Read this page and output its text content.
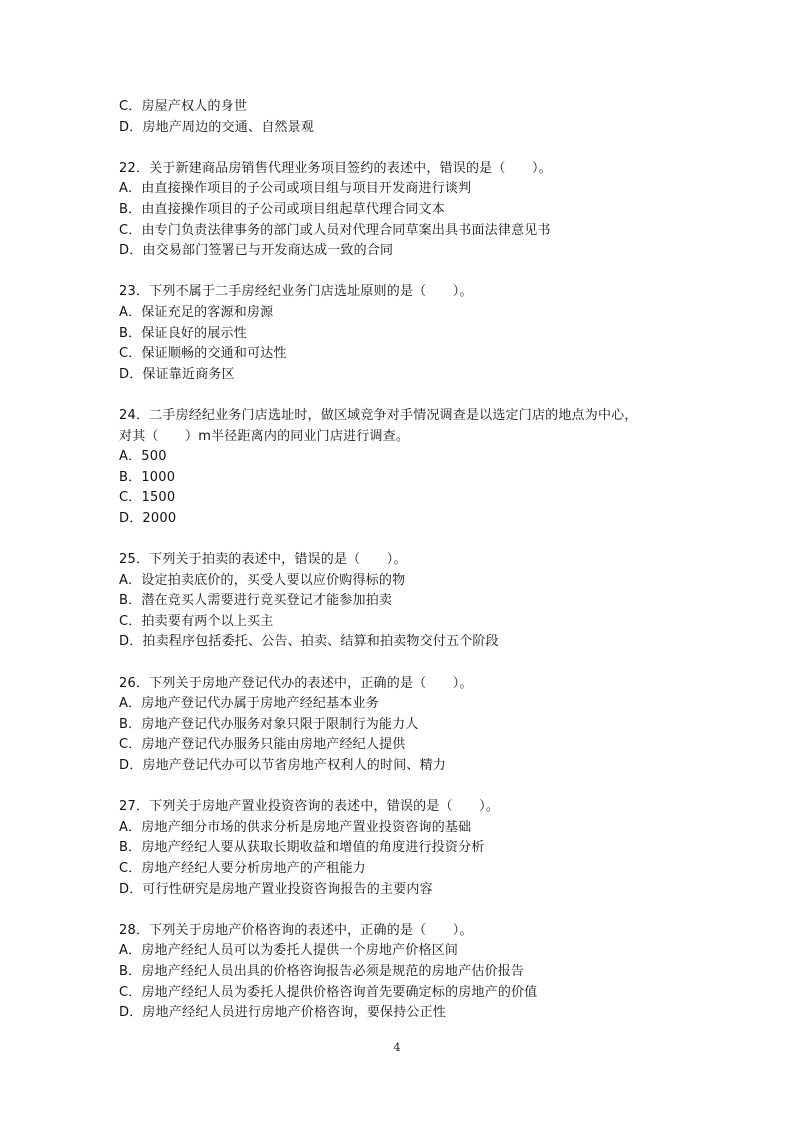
C．房屋产权人的身世
D．房地产周边的交通、自然景观
22．关于新建商品房销售代理业务项目签约的表述中，错误的是（　　）。
A．由直接操作项目的子公司或项目组与项目开发商进行谈判
B．由直接操作项目的子公司或项目组起草代理合同文本
C．由专门负责法律事务的部门或人员对代理合同草案出具书面法律意见书
D．由交易部门签署已与开发商达成一致的合同
23．下列不属于二手房经纪业务门店选址原则的是（　　）。
A．保证充足的客源和房源
B．保证良好的展示性
C．保证顺畅的交通和可达性
D．保证靠近商务区
24．二手房经纪业务门店选址时，做区域竞争对手情况调查是以选定门店的地点为中心，
对其（　　）m半径距离内的同业门店进行调查。
A．500
B．1000
C．1500
D．2000
25．下列关于拍卖的表述中，错误的是（　　）。
A．设定拍卖底价的，买受人要以应价购得标的物
B．潜在竞买人需要进行竞买登记才能参加拍卖
C．拍卖要有两个以上买主
D．拍卖程序包括委托、公告、拍卖、结算和拍卖物交付五个阶段
26．下列关于房地产登记代办的表述中，正确的是（　　）。
A．房地产登记代办属于房地产经纪基本业务
B．房地产登记代办服务对象只限于限制行为能力人
C．房地产登记代办服务只能由房地产经纪人提供
D．房地产登记代办可以节省房地产权利人的时间、精力
27．下列关于房地产置业投资咨询的表述中，错误的是（　　）。
A．房地产细分市场的供求分析是房地产置业投资咨询的基础
B．房地产经纪人要从获取长期收益和增值的角度进行投资分析
C．房地产经纪人要分析房地产的产租能力
D．可行性研究是房地产置业投资咨询报告的主要内容
28．下列关于房地产价格咨询的表述中，正确的是（　　）。
A．房地产经纪人员可以为委托人提供一个房地产价格区间
B．房地产经纪人员出具的价格咨询报告必须是规范的房地产估价报告
C．房地产经纪人员为委托人提供价格咨询首先要确定标的房地产的价值
D．房地产经纪人员进行房地产价格咨询，要保持公正性
4
